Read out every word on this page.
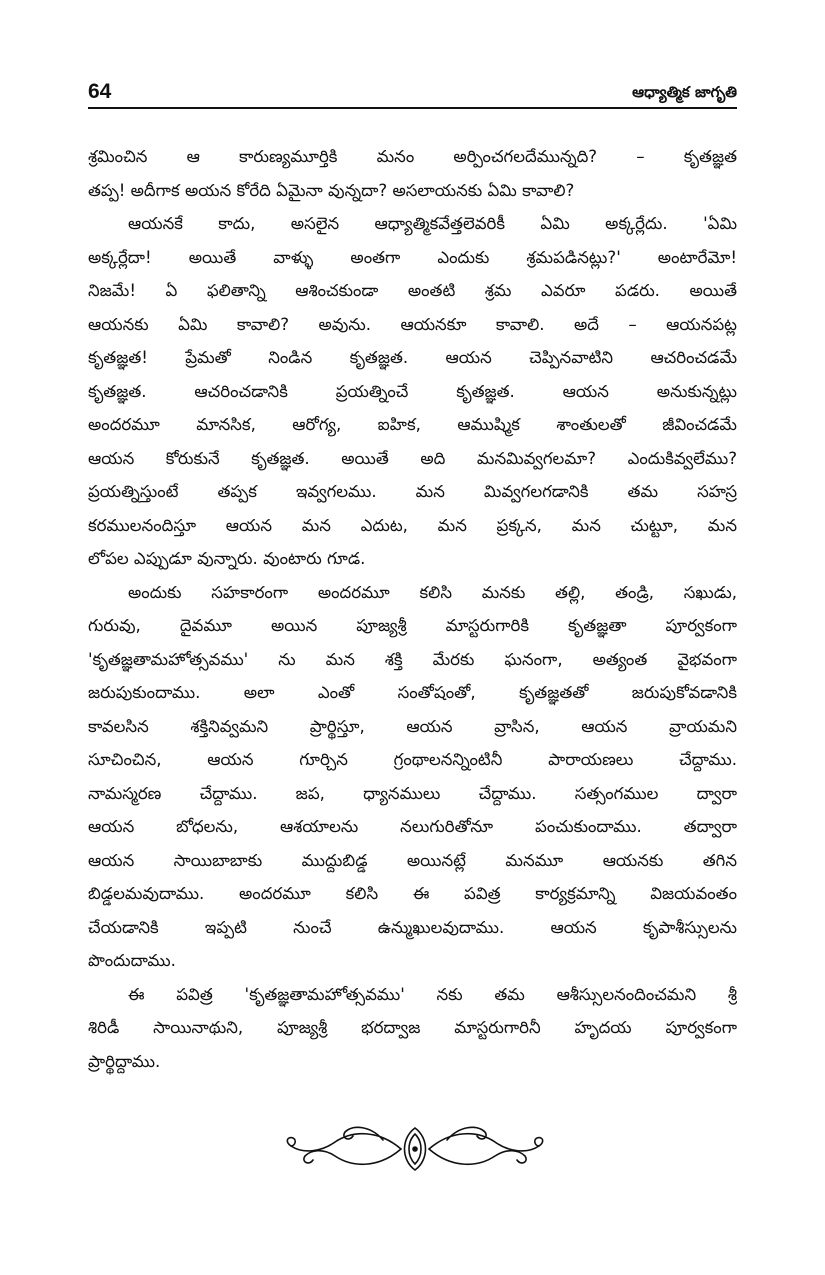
64	ఆధ్యాత్మిక జాగృతి
శ్రమించిన ఆ కారుణ్యమూర్తికి మనం అర్పించగలదేమున్నది? – కృతజ్ఞత
తప్ప! అదీగాక అయన కోరేది ఏమైనా వున్నదా? అసలాయనకు ఏమి కావాలి?
ఆయనకే కాదు, అసలైన ఆధ్యాత్మికవేత్తలెవరికీ ఏమి అక్కర్లేదు. 'ఏమి
అక్కర్లేదా! అయితే వాళ్ళు అంతగా ఎందుకు శ్రమపడినట్లు?' అంటారేమో!
నిజమే! ఏ ఫలితాన్ని ఆశించకుండా అంతటి శ్రమ ఎవరూ పడరు. అయితే
ఆయనకు ఏమి కావాలి? అవును. ఆయనకూ కావాలి. అదే – ఆయనపట్ల
కృతజ్ఞత! ప్రేమతో నిండిన కృతజ్ఞత. ఆయన చెప్పినవాటిని ఆచరించడమే
కృతజ్ఞత. ఆచరించడానికి ప్రయత్నించే కృతజ్ఞత. ఆయన అనుకున్నట్లు
అందరమూ మానసిక, ఆరోగ్య, ఐహిక, ఆముష్మిక శాంతులతో జీవించడమే
ఆయన కోరుకునే కృతజ్ఞత. అయితే అది మనమివ్వగలమా? ఎందుకివ్వలేము?
ప్రయత్నిస్తుంటే తప్పక ఇవ్వగలము. మన మివ్వగలగడానికి తమ సహస్ర
కరములనందిస్తూ ఆయన మన ఎదుట, మన ప్రక్కన, మన చుట్టూ, మన
లోపల ఎప్పుడూ వున్నారు. వుంటారు గూడ.
అందుకు సహకారంగా అందరమూ కలిసి మనకు తల్లి, తండ్రి, సఖుడు,
గురువు, దైవమూ అయిన పూజ్యశ్రీ మాస్టరుగారికి కృతజ్ఞతా పూర్వకంగా
'కృతజ్ఞతామహోత్సవము' ను మన శక్తి మేరకు ఘనంగా, అత్యంత వైభవంగా
జరుపుకుందాము. అలా ఎంతో సంతోషంతో, కృతజ్ఞతతో జరుపుకోవడానికి
కావలసిన శక్తినివ్వమని ప్రార్థిస్తూ, ఆయన వ్రాసిన, ఆయన వ్రాయమని
సూచించిన, ఆయన గూర్చిన గ్రంథాలనన్నింటినీ పారాయణలు చేద్దాము.
నామస్మరణ చేద్దాము. జప, ధ్యానములు చేద్దాము. సత్సంగముల ద్వారా
ఆయన బోధలను, ఆశయాలను నలుగురితోనూ పంచుకుందాము. తద్వారా
ఆయన సాయిబాబాకు ముద్దుబిడ్డ అయినట్లే మనమూ ఆయనకు తగిన
బిడ్డలమవుదాము. అందరమూ కలిసి ఈ పవిత్ర కార్యక్రమాన్ని విజయవంతం
చేయడానికి ఇప్పటి నుంచే ఉన్ముఖులవుదాము. ఆయన కృపాశీస్సులను
పొందుదాము.
ఈ పవిత్ర 'కృతజ్ఞతామహోత్సవము' నకు తమ ఆశీస్సులనందించమని శ్రీ
శిరిడీ సాయినాథుని, పూజ్యశ్రీ భరద్వాజ మాస్టరుగారినీ హృదయ పూర్వకంగా
ప్రార్థిద్దాము.
